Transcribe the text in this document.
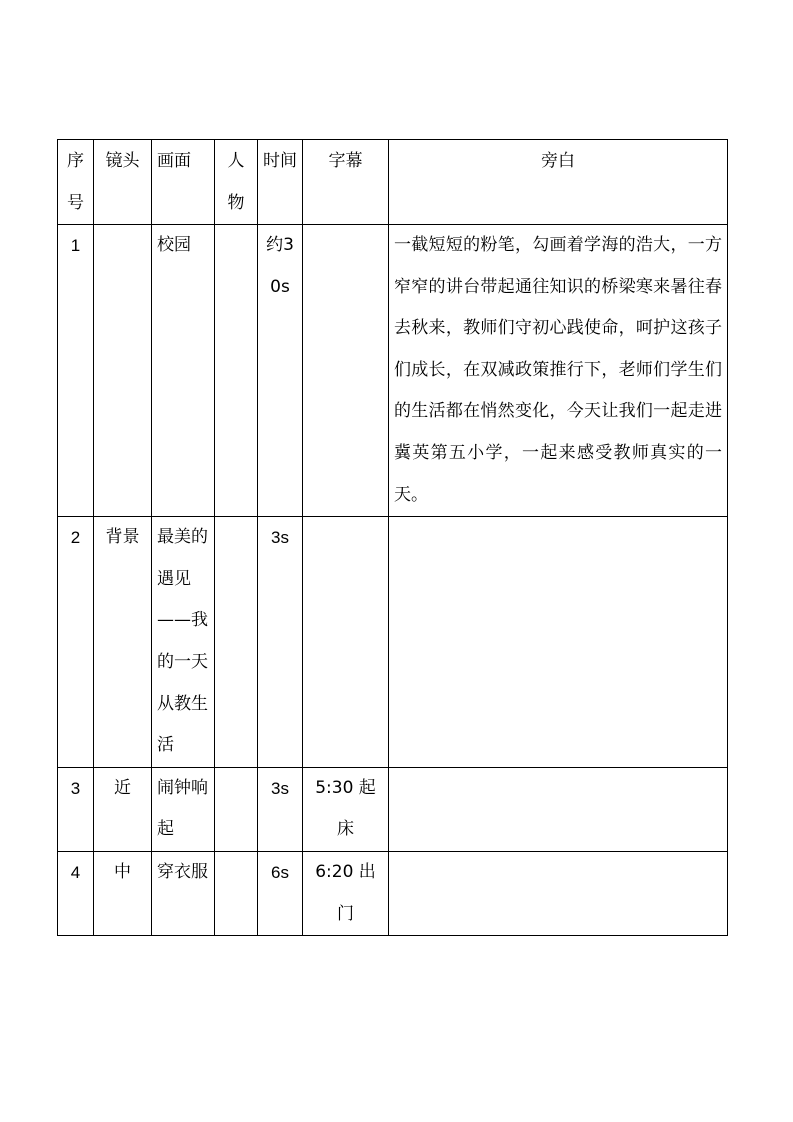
序号	镜头	画面	人物	时间	字幕	旁白
1		校园		约30s		一截短短的粉笔，勾画着学海的浩大，一方窄窄的讲台带起通往知识的桥梁寒来暑往春去秋来，教师们守初心践使命，呵护这孩子们成长，在双减政策推行下，老师们学生们的生活都在悄然变化，今天让我们一起走进冀英第五小学，一起来感受教师真实的一天。
2	背景	最美的遇见——我的一天从教生活		3s		
3	近	闹钟响起		3s	5:30 起床	
4	中	穿衣服		6s	6:20 出门	
